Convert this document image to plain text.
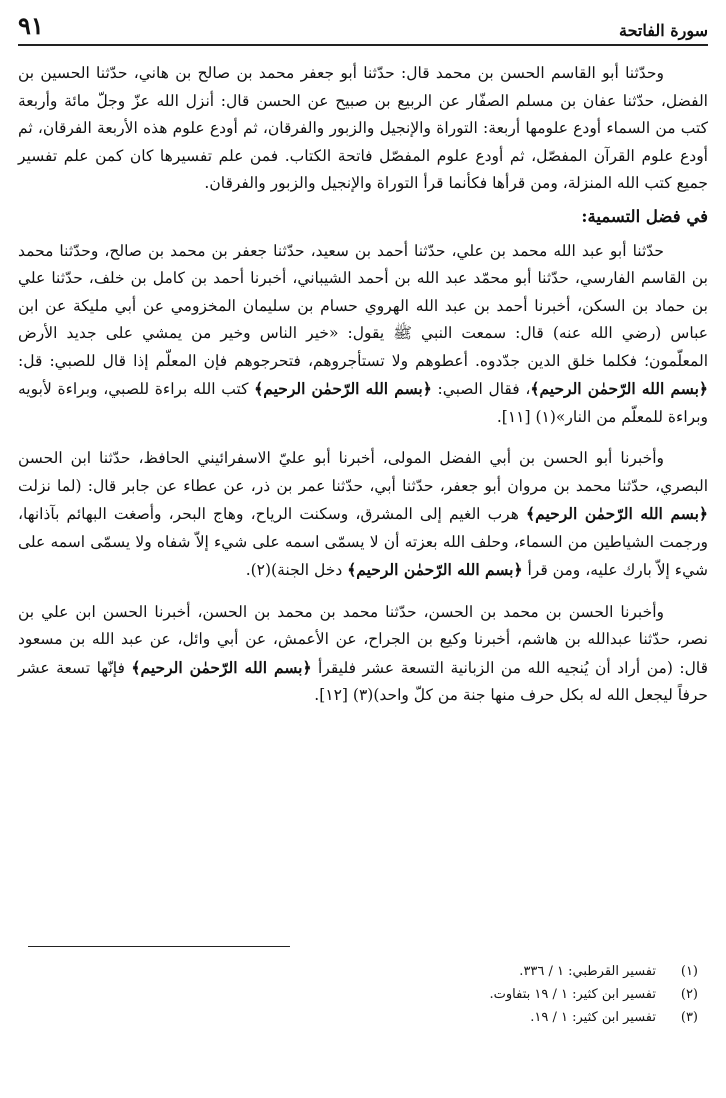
سورة الفاتحة
٩١

وحدّثنا أبو القاسم الحسن بن محمد قال: حدّثنا أبو جعفر محمد بن صالح بن هاني، حدّثنا الحسين بن الفضل، حدّثنا عفان بن مسلم الصفّار عن الربيع بن صبيح عن الحسن قال: أنزل الله عزّ وجلّ مائة وأربعة كتب من السماء أودع علومها أربعة: التوراة والإنجيل والزبور والفرقان، ثم أودع علوم هذه الأربعة الفرقان، ثم أودع علوم القرآن المفصّل، ثم أودع علوم المفصّل فاتحة الكتاب. فمن علم تفسيرها كان كمن علم تفسير جميع كتب الله المنزلة، ومن قرأها فكأنما قرأ التوراة والإنجيل والزبور والفرقان.

في فضل التسمية:

حدّثنا أبو عبد الله محمد بن علي، حدّثنا أحمد بن سعيد، حدّثنا جعفر بن محمد بن صالح، وحدّثنا محمد بن القاسم الفارسي، حدّثنا أبو محمّد عبد الله بن أحمد الشيباني، أخبرنا أحمد بن كامل بن خلف، حدّثنا علي بن حماد بن السكن، أخبرنا أحمد بن عبد الله الهروي حسام بن سليمان المخزومي عن أبي مليكة عن ابن عباس (رضي الله عنه) قال: سمعت النبي ﷺ يقول: «خير الناس وخير من يمشي على جديد الأرض المعلّمون؛ فكلما خلق الدين جدّدوه. أعطوهم ولا تستأجروهم، فتحرجوهم فإن المعلّم إذا قال للصبي: قل: ﴿بسم الله الرّحمٰن الرحيم﴾، فقال الصبي: ﴿بسم الله الرّحمٰن الرحيم﴾ كتب الله براءة للصبي، وبراءة لأبويه وبراءة للمعلّم من النار»(١) [١١].

وأخبرنا أبو الحسن بن أبي الفضل المولى، أخبرنا أبو عليّ الاسفرائيني الحافظ، حدّثنا ابن الحسن البصري، حدّثنا محمد بن مروان أبو جعفر، حدّثنا أبي، حدّثنا عمر بن ذر، عن عطاء عن جابر قال: (لما نزلت ﴿بسم الله الرّحمٰن الرحيم﴾ هرب الغيم إلى المشرق، وسكنت الرياح، وهاج البحر، وأصغت البهائم بآذانها، ورجمت الشياطين من السماء، وحلف الله بعزته أن لا يسمّى اسمه على شيء إلاّ شفاه ولا يسمّى اسمه على شيء إلاّ بارك عليه، ومن قرأ ﴿بسم الله الرّحمٰن الرحيم﴾ دخل الجنة)(٢).

وأخبرنا الحسن بن محمد بن الحسن، حدّثنا محمد بن محمد بن الحسن، أخبرنا الحسن ابن علي بن نصر، حدّثنا عبدالله بن هاشم، أخبرنا وكيع بن الجراح، عن الأعمش، عن أبي وائل، عن عبد الله بن مسعود قال: (من أراد أن يُنجيه الله من الزبانية التسعة عشر فليقرأ ﴿بسم الله الرّحمٰن الرحيم﴾ فإنّها تسعة عشر حرفاً ليجعل الله له بكل حرف منها جنة من كلّ واحد)(٣) [١٢].

(١)
تفسير القرطبي: ١ / ٣٣٦.
(٢)
تفسير ابن كثير: ١ / ١٩ بتفاوت.
(٣)
تفسير ابن كثير: ١ / ١٩.
